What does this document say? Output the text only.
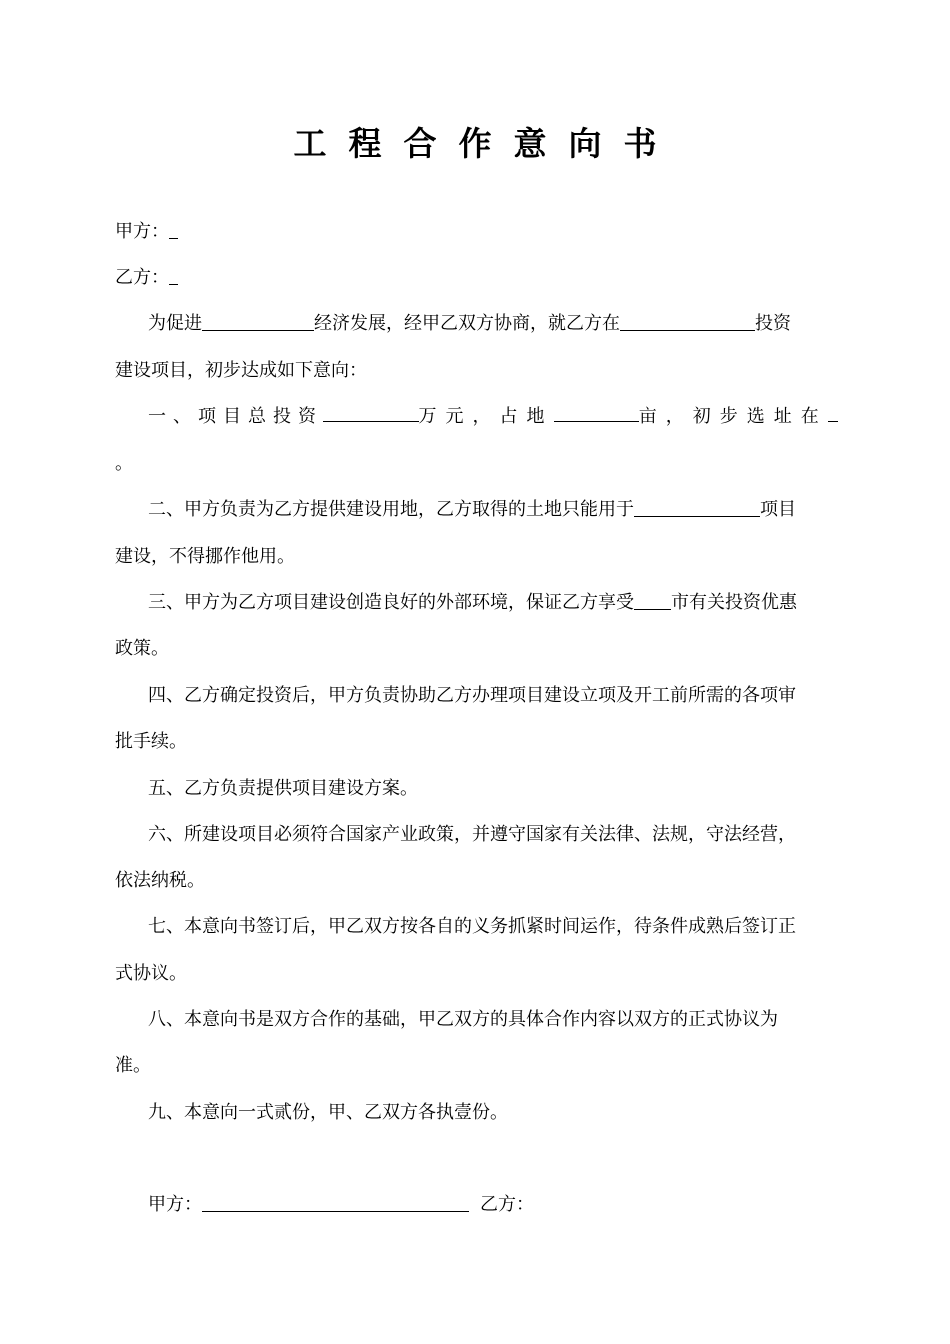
工程合作意向书
甲方：
乙方：
为促进	经济发展，经甲乙双方协商，就乙方在	投资
建设项目，初步达成如下意向：
一、项目总投资	万元，占地	亩，初步选址在
。
二、甲方负责为乙方提供建设用地，乙方取得的土地只能用于	项目
建设，不得挪作他用。
三、甲方为乙方项目建设创造良好的外部环境，保证乙方享受 市有关投资优惠
政策。
四、乙方确定投资后，甲方负责协助乙方办理项目建设立项及开工前所需的各项审
批手续。
五、乙方负责提供项目建设方案。
六、所建设项目必须符合国家产业政策，并遵守国家有关法律、法规，守法经营，
依法纳税。
七、本意向书签订后，甲乙双方按各自的义务抓紧时间运作，待条件成熟后签订正
式协议。
八、本意向书是双方合作的基础，甲乙双方的具体合作内容以双方的正式协议为
准。
九、本意向一式贰份，甲、乙双方各执壹份。
甲方：	乙方：
